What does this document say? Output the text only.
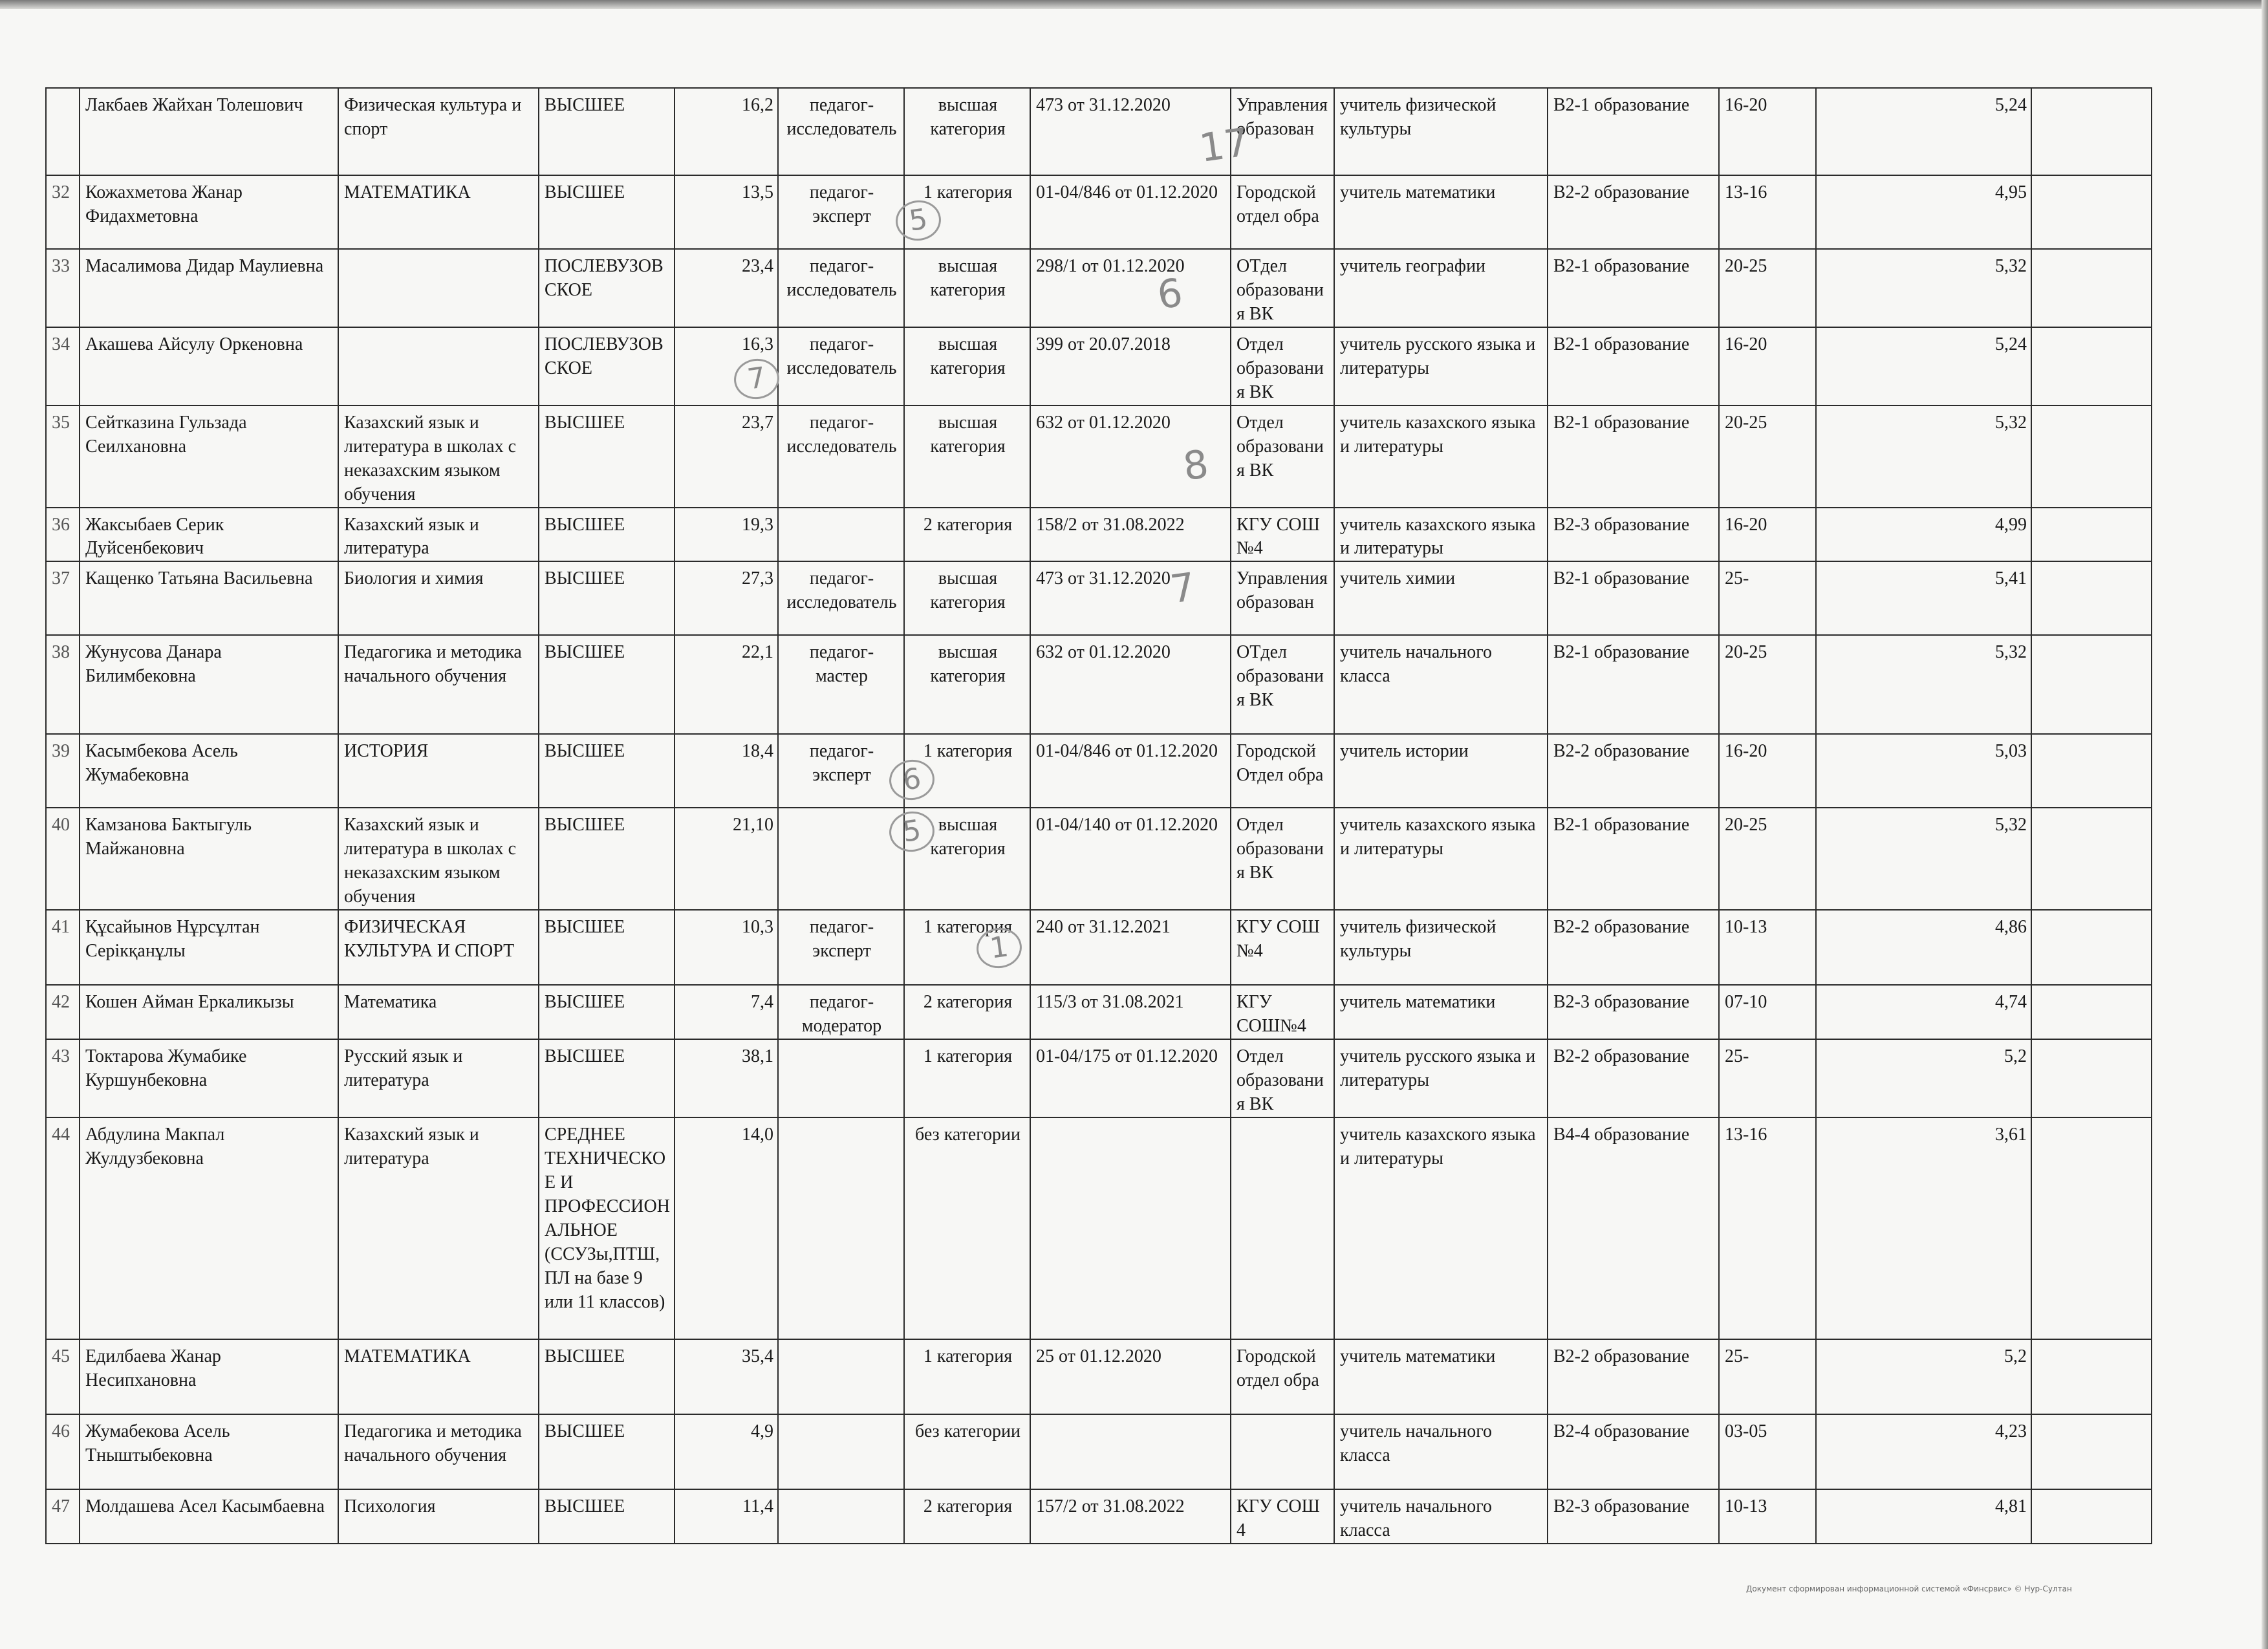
	Лакбаев Жайхан Толешович	Физическая культура и спорт	ВЫСШЕЕ	16,2	педагог-исследователь	высшая категория	473 от 31.12.2020	Управления образован	учитель физической культуры	В2-1 образование	16-20	5,24	
32	Кожахметова Жанар Фидахметовна	МАТЕМАТИКА	ВЫСШЕЕ	13,5	педагог-эксперт	1 категория	01-04/846 от 01.12.2020	Городской отдел обра	учитель математики	В2-2 образование	13-16	4,95	
33	Масалимова Дидар Маулиевна		ПОСЛЕВУЗОВСКОЕ	23,4	педагог-исследователь	высшая категория	298/1 от 01.12.2020	ОТдел образования ВК	учитель географии	В2-1 образование	20-25	5,32	
34	Акашева Айсулу Оркеновна		ПОСЛЕВУЗОВСКОЕ	16,3	педагог-исследователь	высшая категория	399 от 20.07.2018	Отдел образования ВК	учитель русского языка и литературы	В2-1 образование	16-20	5,24	
35	Сейтказина Гульзада Сеилхановна	Казахский язык и литература в школах с неказахским языком обучения	ВЫСШЕЕ	23,7	педагог-исследователь	высшая категория	632 от 01.12.2020	Отдел образования ВК	учитель казахского языка и литературы	В2-1 образование	20-25	5,32	
36	Жаксыбаев Серик Дуйсенбекович	Казахский язык и литература	ВЫСШЕЕ	19,3		2 категория	158/2 от 31.08.2022	КГУ СОШ №4	учитель казахского языка и литературы	В2-3 образование	16-20	4,99	
37	Кащенко Татьяна Васильевна	Биология и химия	ВЫСШЕЕ	27,3	педагог-исследователь	высшая категория	473 от 31.12.2020	Управления образован	учитель химии	В2-1 образование	25-	5,41	
38	Жунусова Данара Билимбековна	Педагогика и методика начального обучения	ВЫСШЕЕ	22,1	педагог-мастер	высшая категория	632 от 01.12.2020	ОТдел образования ВК	учитель начального класса	В2-1 образование	20-25	5,32	
39	Касымбекова Асель Жумабековна	ИСТОРИЯ	ВЫСШЕЕ	18,4	педагог-эксперт	1 категория	01-04/846 от 01.12.2020	Городской Отдел обра	учитель истории	В2-2 образование	16-20	5,03	
40	Камзанова Бактыгуль Майжановна	Казахский язык и литература в школах с неказахским языком обучения	ВЫСШЕЕ	21,10		высшая категория	01-04/140 от 01.12.2020	Отдел образования ВК	учитель казахского языка и литературы	В2-1 образование	20-25	5,32	
41	Құсайынов Нұрсұлтан Серікқанұлы	ФИЗИЧЕСКАЯ КУЛЬТУРА И СПОРТ	ВЫСШЕЕ	10,3	педагог-эксперт	1 категория	240 от 31.12.2021	КГУ СОШ №4	учитель физической культуры	В2-2 образование	10-13	4,86	
42	Кошен Айман Еркаликызы	Математика	ВЫСШЕЕ	7,4	педагог-модератор	2 категория	115/3 от 31.08.2021	КГУ СОШ№4	учитель математики	В2-3 образование	07-10	4,74	
43	Токтарова Жумабике Куршунбековна	Русский язык и литература	ВЫСШЕЕ	38,1		1 категория	01-04/175 от 01.12.2020	Отдел образования ВК	учитель русского языка и литературы	В2-2 образование	25-	5,2	
44	Абдулина Макпал Жулдузбековна	Казахский язык и литература	СРЕДНЕЕ ТЕХНИЧЕСКОЕ И ПРОФЕССИОНАЛЬНОЕ (ССУЗы,ПТШ, ПЛ на базе 9 или 11 классов)	14,0		без категории			учитель казахского языка и литературы	В4-4 образование	13-16	3,61	
45	Едилбаева Жанар Несипхановна	МАТЕМАТИКА	ВЫСШЕЕ	35,4		1 категория	25 от 01.12.2020	Городской отдел обра	учитель математики	В2-2 образование	25-	5,2	
46	Жумабекова Асель Тныштыбековна	Педагогика и методика начального обучения	ВЫСШЕЕ	4,9		без категории			учитель начального класса	В2-4 образование	03-05	4,23	
47	Молдашева Асел Касымбаевна	Психология	ВЫСШЕЕ	11,4		2 категория	157/2 от 31.08.2022	КГУ СОШ 4	учитель начального класса	В2-3 образование	10-13	4,81	
17
5
6
7
8
7
6
5
1
Документ сформирован информационной системой «Финсрвис» © Нур-Султан
